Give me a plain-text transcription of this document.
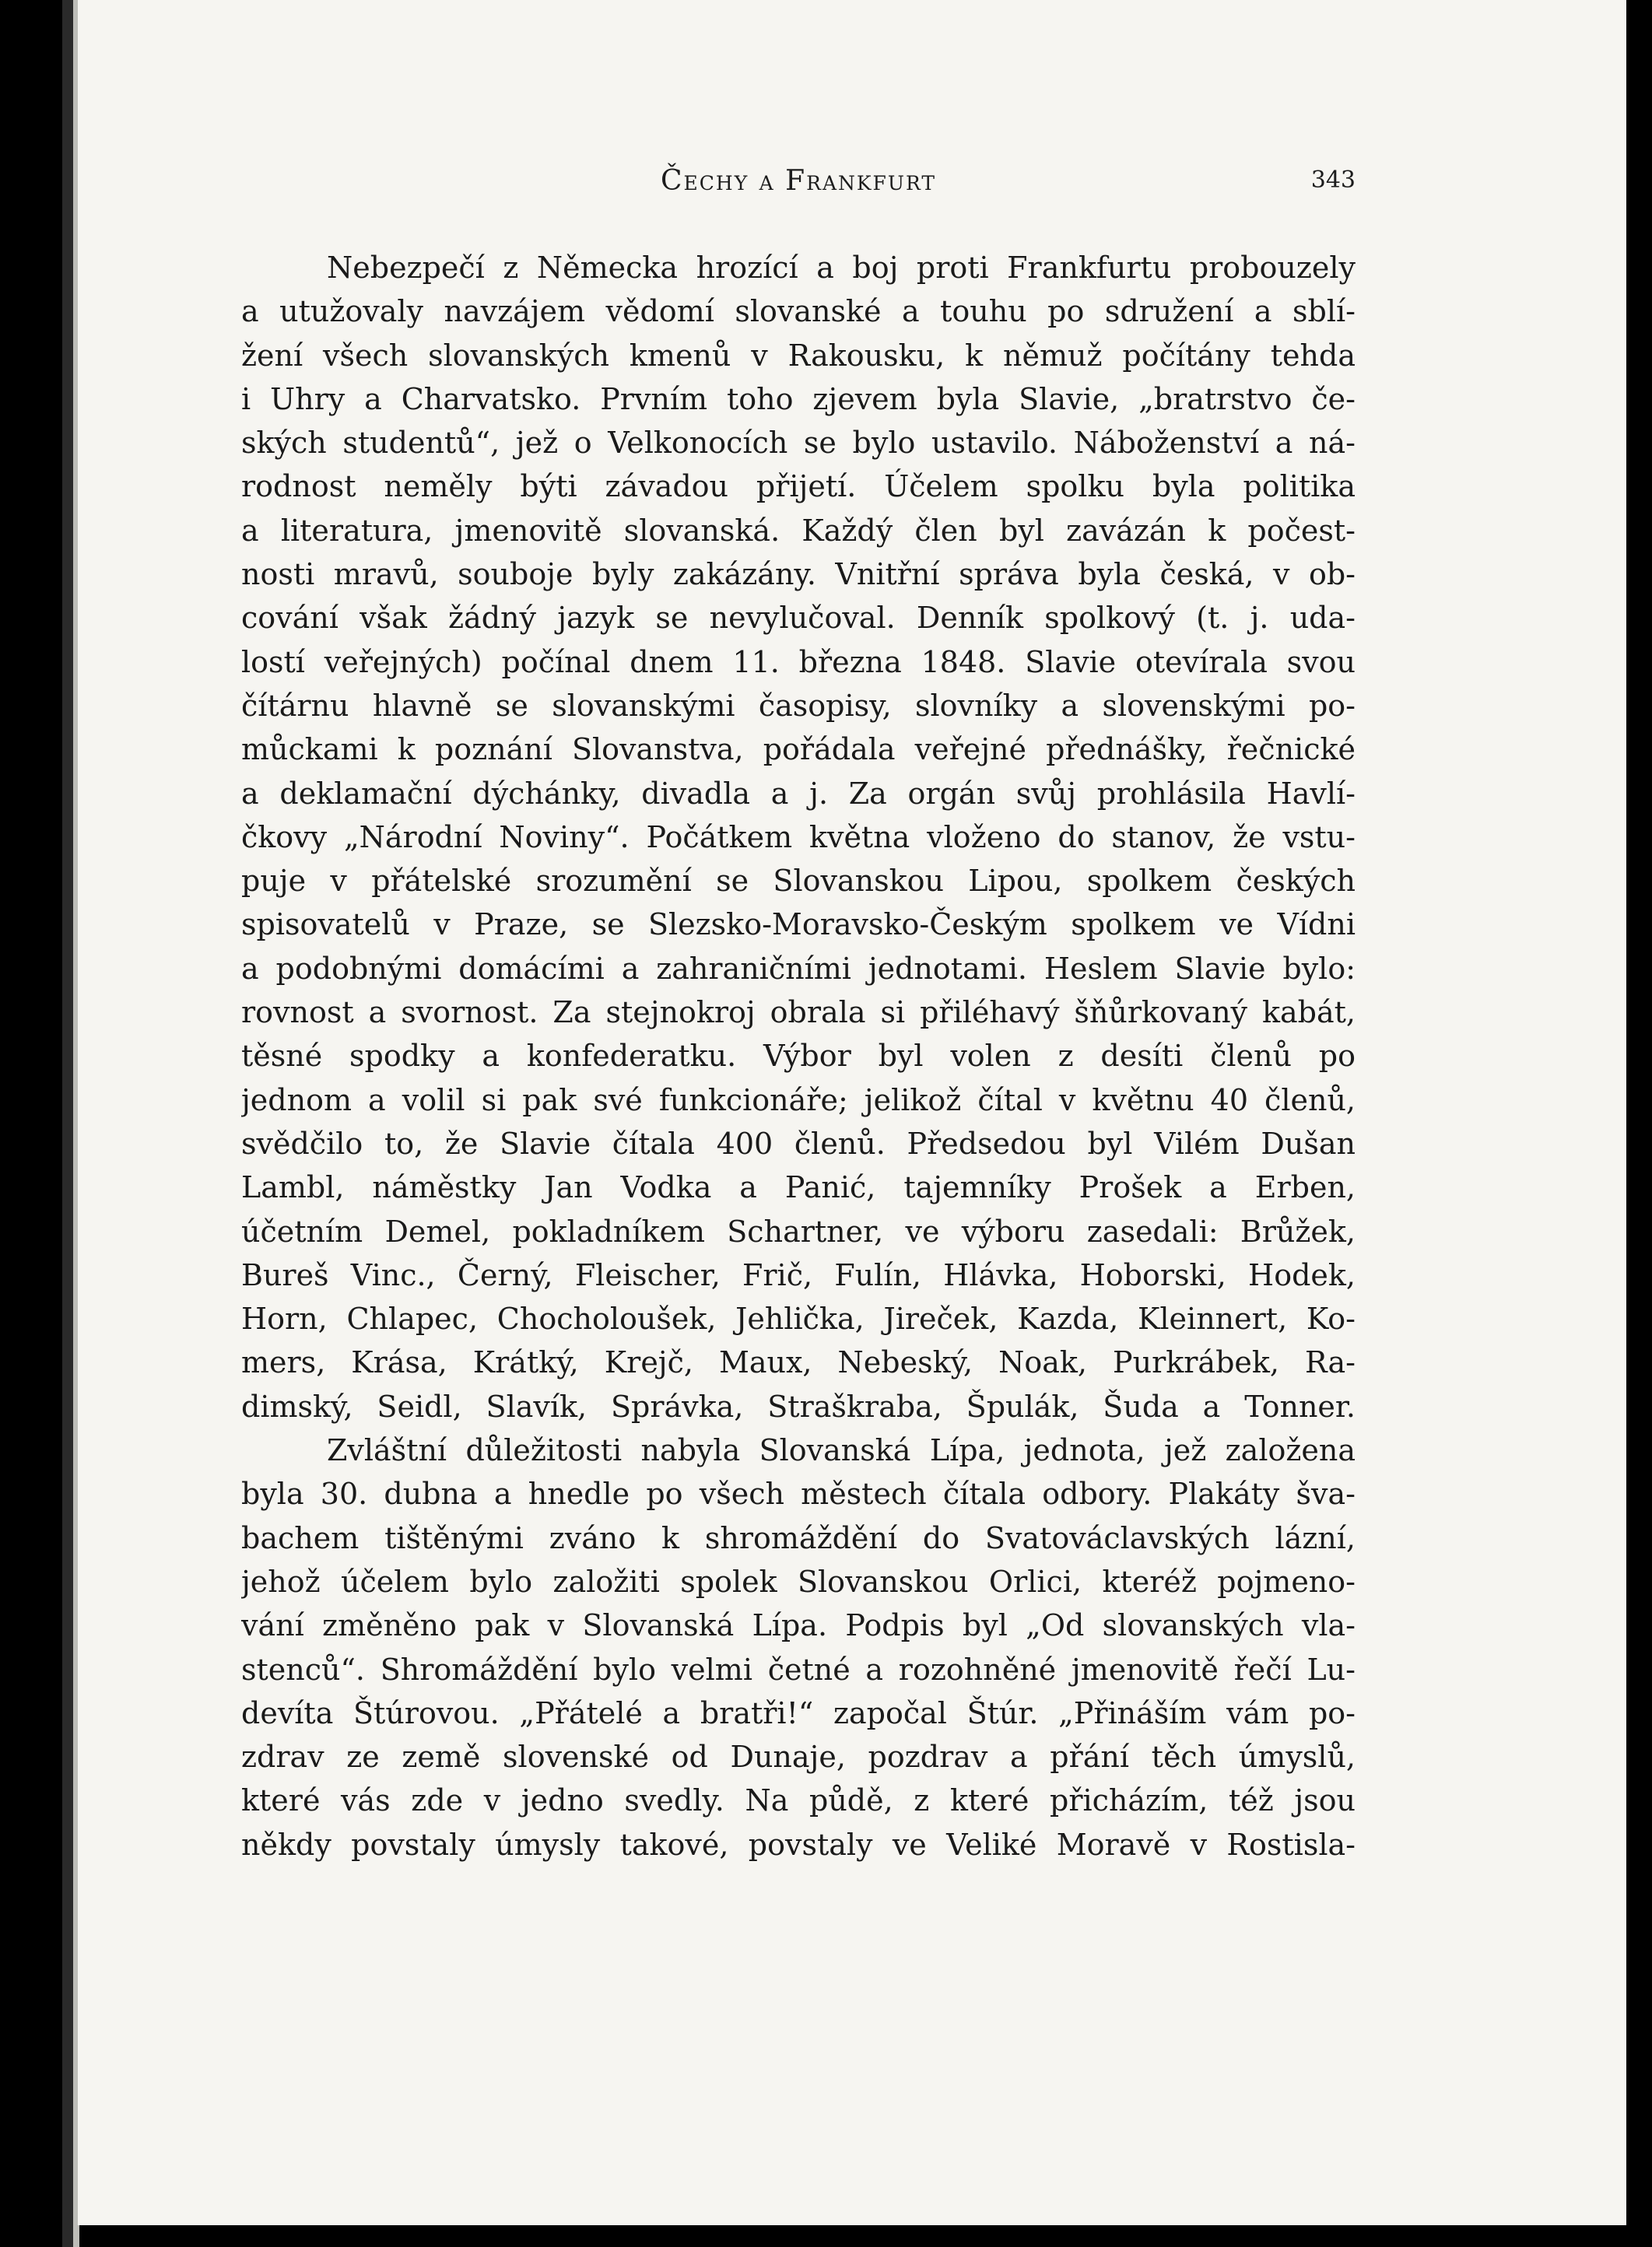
Čechy a Frankfurt	343
Nebezpečí z Německa hrozící a boj proti Frankfurtu probouzely
a utužovaly navzájem vědomí slovanské a touhu po sdružení a sblí-
žení všech slovanských kmenů v Rakousku, k němuž počítány tehda
i Uhry a Charvatsko. Prvním toho zjevem byla Slavie, „bratrstvo če-
ských studentů“, jež o Velkonocích se bylo ustavilo. Náboženství a ná-
rodnost neměly býti závadou přijetí. Účelem spolku byla politika
a literatura, jmenovitě slovanská. Každý člen byl zavázán k počest-
nosti mravů, souboje byly zakázány. Vnitřní správa byla česká, v ob-
cování však žádný jazyk se nevylučoval. Denník spolkový (t. j. uda-
lostí veřejných) počínal dnem 11. března 1848. Slavie otevírala svou
čítárnu hlavně se slovanskými časopisy, slovníky a slovenskými po-
můckami k poznání Slovanstva, pořádala veřejné přednášky, řečnické
a deklamační dýchánky, divadla a j. Za orgán svůj prohlásila Havlí-
čkovy „Národní Noviny“. Počátkem května vloženo do stanov, že vstu-
puje v přátelské srozumění se Slovanskou Lipou, spolkem českých
spisovatelů v Praze, se Slezsko-Moravsko-Českým spolkem ve Vídni
a podobnými domácími a zahraničními jednotami. Heslem Slavie bylo:
rovnost a svornost. Za stejnokroj obrala si přiléhavý šňůrkovaný kabát,
těsné spodky a konfederatku. Výbor byl volen z desíti členů po
jednom a volil si pak své funkcionáře; jelikož čítal v květnu 40 členů,
svědčilo to, že Slavie čítala 400 členů. Předsedou byl Vilém Dušan
Lambl, náměstky Jan Vodka a Panić, tajemníky Prošek a Erben,
účetním Demel, pokladníkem Schartner, ve výboru zasedali: Brůžek,
Bureš Vinc., Černý, Fleischer, Frič, Fulín, Hlávka, Hoborski, Hodek,
Horn, Chlapec, Chocholoušek, Jehlička, Jireček, Kazda, Kleinnert, Ko-
mers, Krása, Krátký, Krejč, Maux, Nebeský, Noak, Purkrábek, Ra-
dimský, Seidl, Slavík, Správka, Straškraba, Špulák, Šuda a Tonner.
Zvláštní důležitosti nabyla Slovanská Lípa, jednota, jež založena
byla 30. dubna a hnedle po všech městech čítala odbory. Plakáty šva-
bachem tištěnými zváno k shromáždění do Svatováclavských lázní,
jehož účelem bylo založiti spolek Slovanskou Orlici, kteréž pojmeno-
vání změněno pak v Slovanská Lípa. Podpis byl „Od slovanských vla-
stenců“. Shromáždění bylo velmi četné a rozohněné jmenovitě řečí Lu-
devíta Štúrovou. „Přátelé a bratři!“ započal Štúr. „Přináším vám po-
zdrav ze země slovenské od Dunaje, pozdrav a přání těch úmyslů,
které vás zde v jedno svedly. Na půdě, z které přicházím, též jsou
někdy povstaly úmysly takové, povstaly ve Veliké Moravě v Rostisla-
